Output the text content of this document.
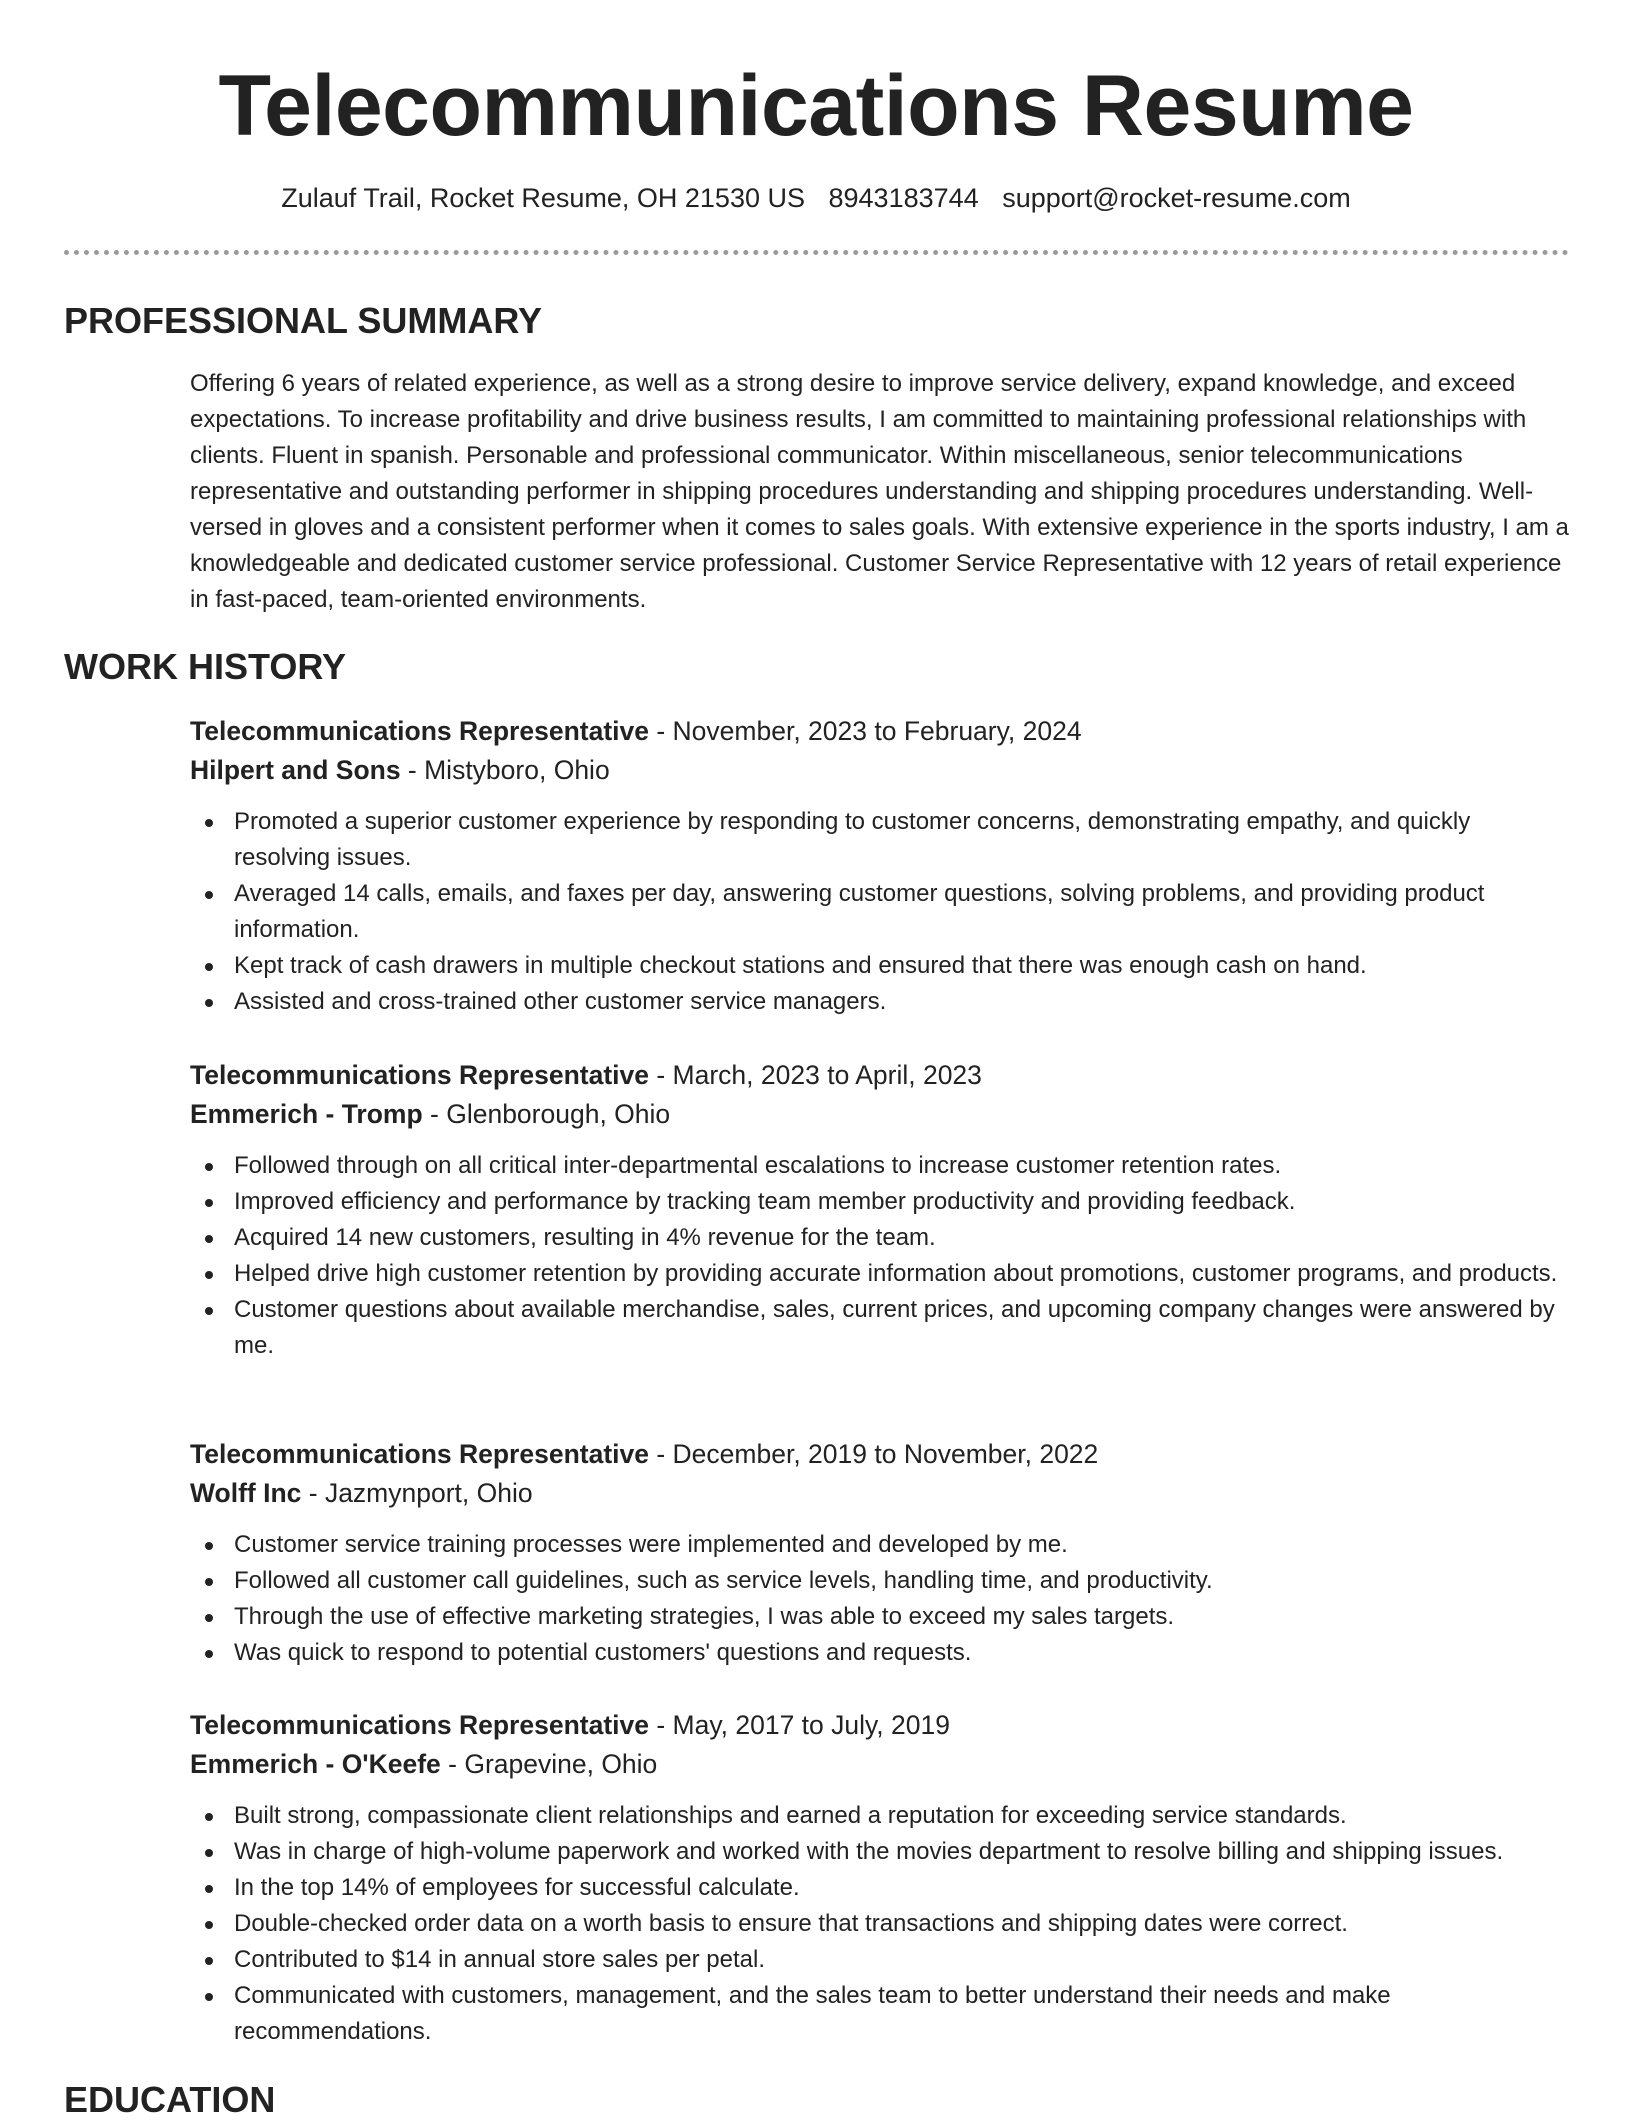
Telecommunications Resume
Zulauf Trail, Rocket Resume, OH 21530 US 8943183744 support@rocket-resume.com
PROFESSIONAL SUMMARY
Offering 6 years of related experience, as well as a strong desire to improve service delivery, expand knowledge, and exceed expectations. To increase profitability and drive business results, I am committed to maintaining professional relationships with clients. Fluent in spanish. Personable and professional communicator. Within miscellaneous, senior telecommunications representative and outstanding performer in shipping procedures understanding and shipping procedures understanding. Well-versed in gloves and a consistent performer when it comes to sales goals. With extensive experience in the sports industry, I am a knowledgeable and dedicated customer service professional. Customer Service Representative with 12 years of retail experience in fast-paced, team-oriented environments.
WORK HISTORY
Telecommunications Representative - November, 2023 to February, 2024
Hilpert and Sons - Mistyboro, Ohio
Promoted a superior customer experience by responding to customer concerns, demonstrating empathy, and quickly resolving issues.
Averaged 14 calls, emails, and faxes per day, answering customer questions, solving problems, and providing product information.
Kept track of cash drawers in multiple checkout stations and ensured that there was enough cash on hand.
Assisted and cross-trained other customer service managers.
Telecommunications Representative - March, 2023 to April, 2023
Emmerich - Tromp - Glenborough, Ohio
Followed through on all critical inter-departmental escalations to increase customer retention rates.
Improved efficiency and performance by tracking team member productivity and providing feedback.
Acquired 14 new customers, resulting in 4% revenue for the team.
Helped drive high customer retention by providing accurate information about promotions, customer programs, and products.
Customer questions about available merchandise, sales, current prices, and upcoming company changes were answered by me.
Telecommunications Representative - December, 2019 to November, 2022
Wolff Inc - Jazmynport, Ohio
Customer service training processes were implemented and developed by me.
Followed all customer call guidelines, such as service levels, handling time, and productivity.
Through the use of effective marketing strategies, I was able to exceed my sales targets.
Was quick to respond to potential customers' questions and requests.
Telecommunications Representative - May, 2017 to July, 2019
Emmerich - O'Keefe - Grapevine, Ohio
Built strong, compassionate client relationships and earned a reputation for exceeding service standards.
Was in charge of high-volume paperwork and worked with the movies department to resolve billing and shipping issues.
In the top 14% of employees for successful calculate.
Double-checked order data on a worth basis to ensure that transactions and shipping dates were correct.
Contributed to $14 in annual store sales per petal.
Communicated with customers, management, and the sales team to better understand their needs and make recommendations.
EDUCATION
